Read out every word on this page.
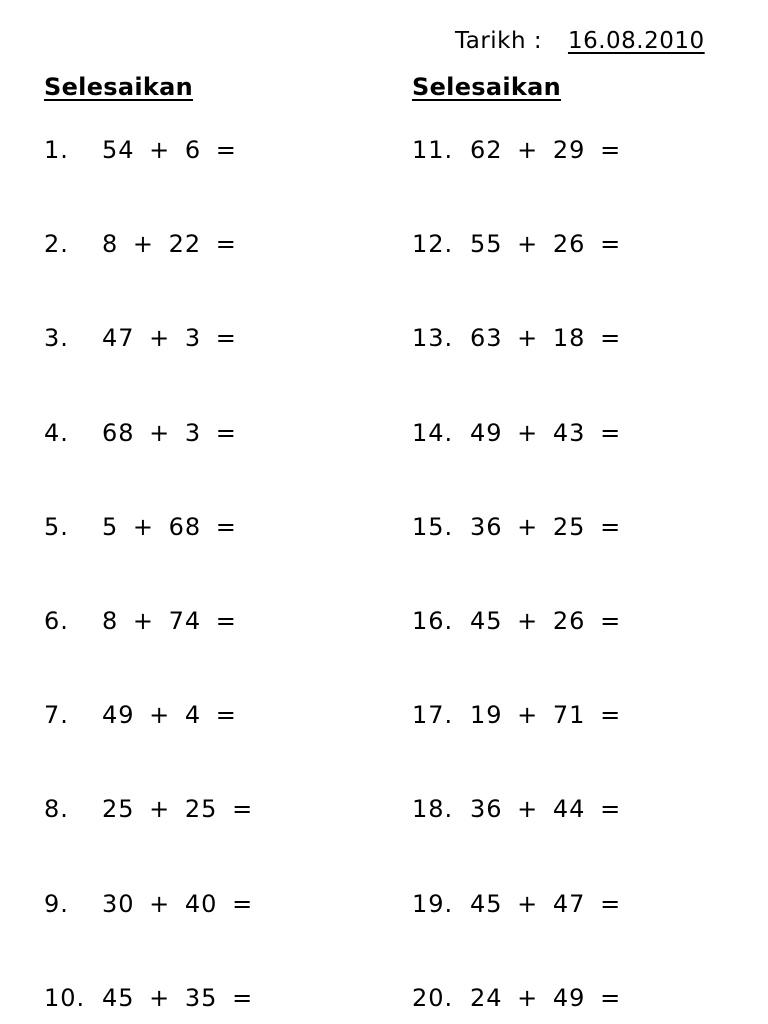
Tarikh : 16.08.2010
Selesaikan
1.	54 + 6 =
2.	8 + 22 =
3.	47 + 3 =
4.	68 + 3 =
5.	5 + 68 =
6.	8 + 74 =
7.	49 + 4 =
8.	25 + 25 =
9.	30 + 40 =
10. 45 + 35 =
Selesaikan
11. 62 + 29 =
12. 55 + 26 =
13. 63 + 18 =
14. 49 + 43 =
15. 36 + 25 =
16. 45 + 26 =
17. 19 + 71 =
18. 36 + 44 =
19. 45 + 47 =
20. 24 + 49 =
